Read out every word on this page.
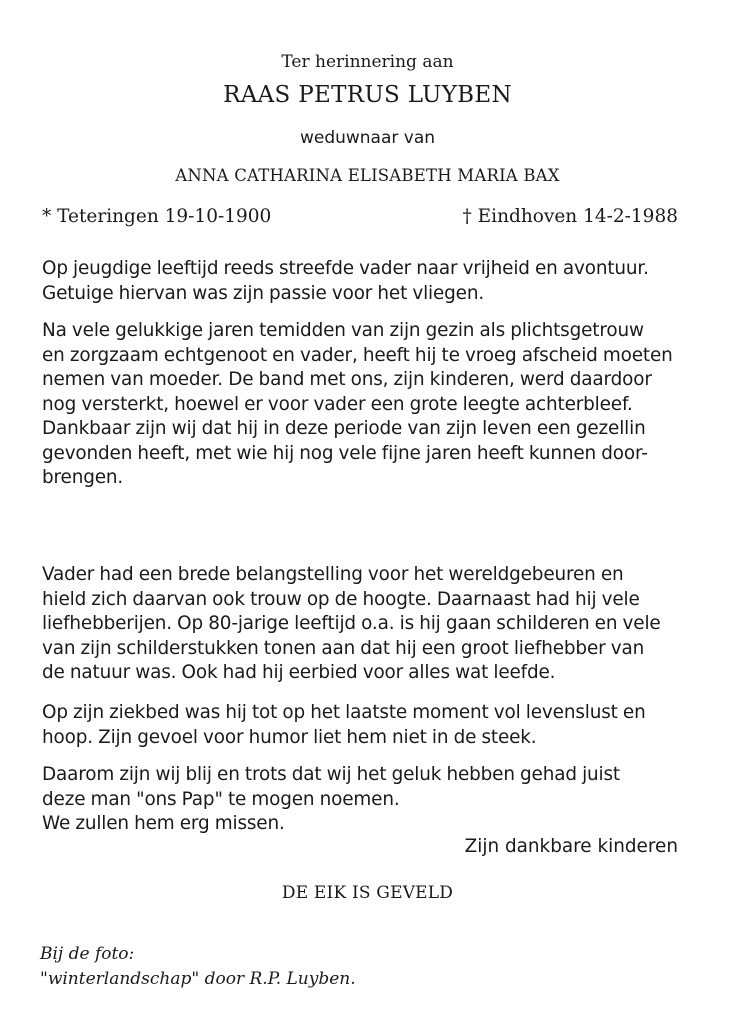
Ter herinnering aan
RAAS PETRUS LUYBEN
weduwnaar van
ANNA CATHARINA ELISABETH MARIA BAX
* Teteringen 19-10-1900	† Eindhoven 14-2-1988
Op jeugdige leeftijd reeds streefde vader naar vrijheid en avontuur.
Getuige hiervan was zijn passie voor het vliegen.
Na vele gelukkige jaren temidden van zijn gezin als plichtsgetrouw
en zorgzaam echtgenoot en vader, heeft hij te vroeg afscheid moeten
nemen van moeder. De band met ons, zijn kinderen, werd daardoor
nog versterkt, hoewel er voor vader een grote leegte achterbleef.
Dankbaar zijn wij dat hij in deze periode van zijn leven een gezellin
gevonden heeft, met wie hij nog vele fijne jaren heeft kunnen door-
brengen.
Vader had een brede belangstelling voor het wereldgebeuren en
hield zich daarvan ook trouw op de hoogte. Daarnaast had hij vele
liefhebberijen. Op 80-jarige leeftijd o.a. is hij gaan schilderen en vele
van zijn schilderstukken tonen aan dat hij een groot liefhebber van
de natuur was. Ook had hij eerbied voor alles wat leefde.
Op zijn ziekbed was hij tot op het laatste moment vol levenslust en
hoop. Zijn gevoel voor humor liet hem niet in de steek.
Daarom zijn wij blij en trots dat wij het geluk hebben gehad juist
deze man "ons Pap" te mogen noemen.
We zullen hem erg missen.
Zijn dankbare kinderen
DE EIK IS GEVELD
Bij de foto:
"winterlandschap" door R.P. Luyben.
